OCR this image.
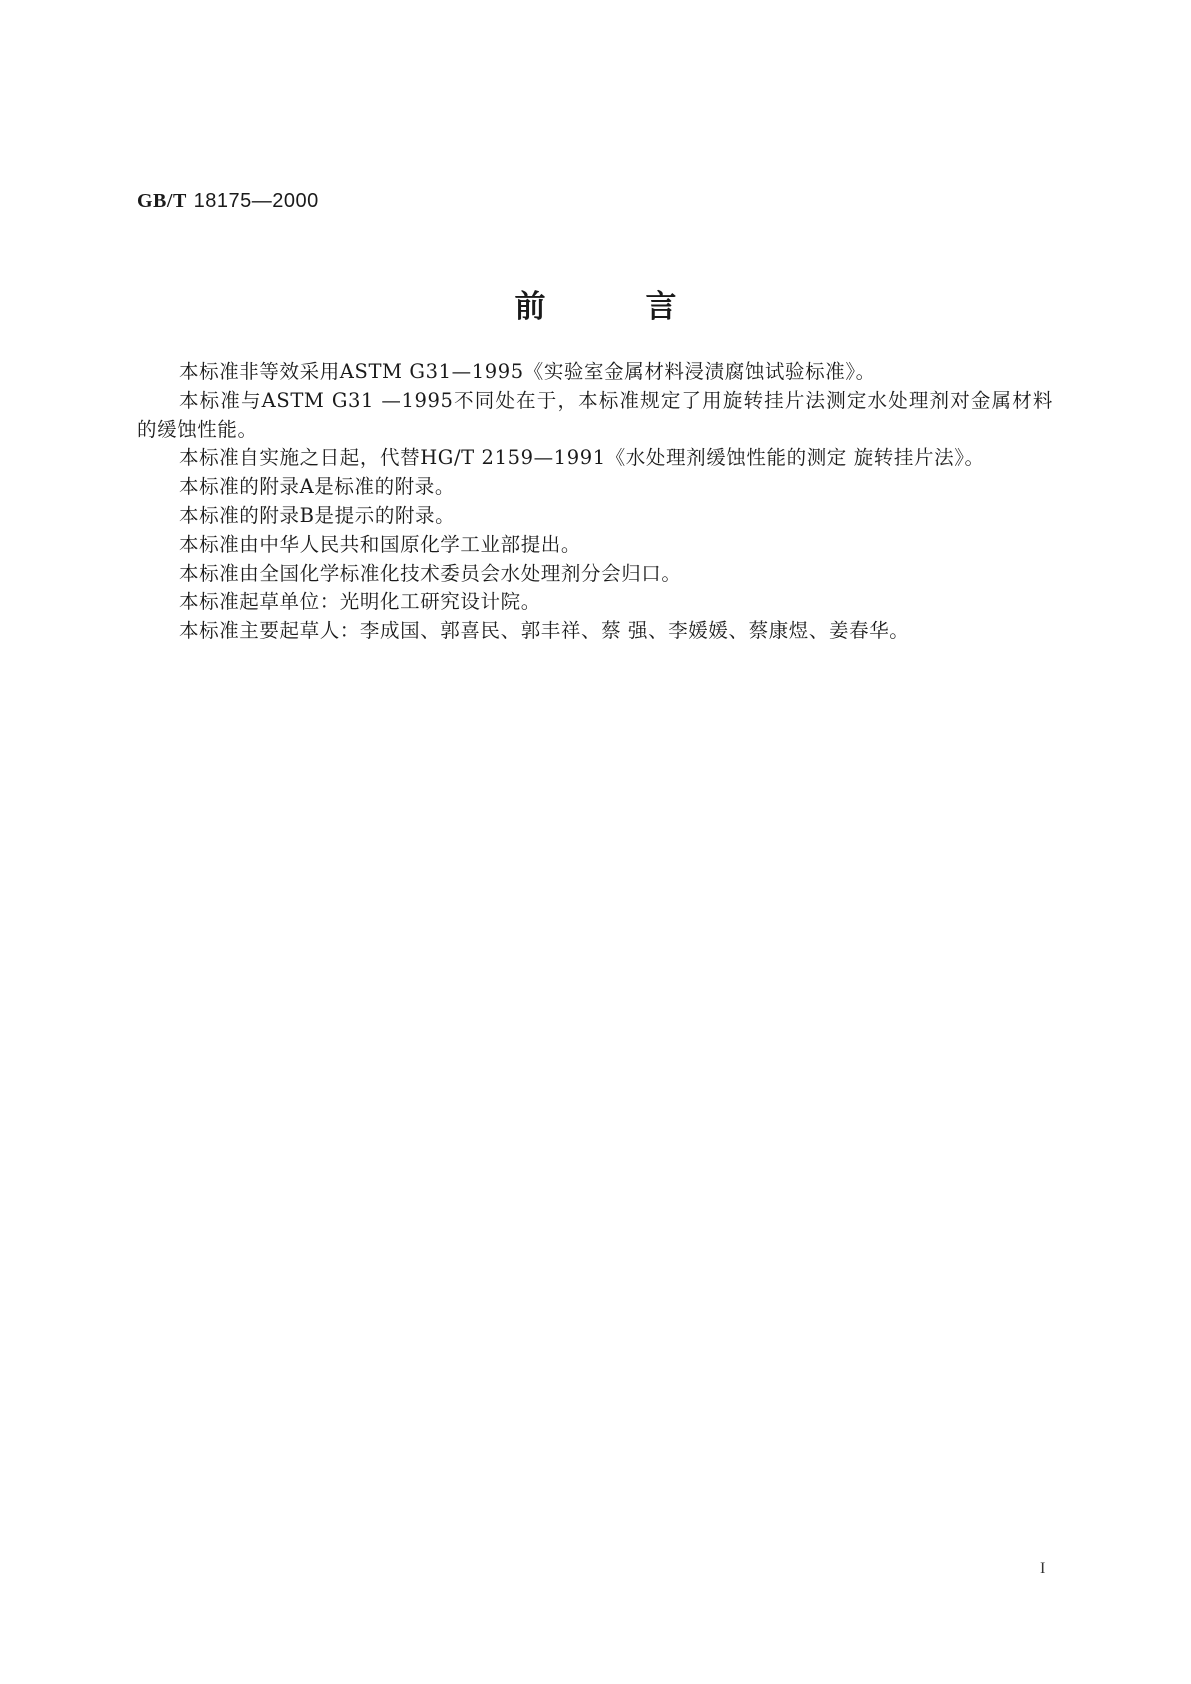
GB/T 18175—2000
前言

本标准非等效采用ASTM G31—1995《实验室金属材料浸渍腐蚀试验标准》。

本标准与ASTM G31 —1995不同处在于，本标准规定了用旋转挂片法测定水处理剂对金属材料的缓蚀性能。

本标准自实施之日起，代替HG/T 2159—1991《水处理剂缓蚀性能的测定 旋转挂片法》。

本标准的附录A是标准的附录。

本标准的附录B是提示的附录。

本标准由中华人民共和国原化学工业部提出。

本标准由全国化学标准化技术委员会水处理剂分会归口。

本标准起草单位：光明化工研究设计院。

本标准主要起草人：李成国、郭喜民、郭丰祥、蔡 强、李媛媛、蔡康煜、姜春华。

I
